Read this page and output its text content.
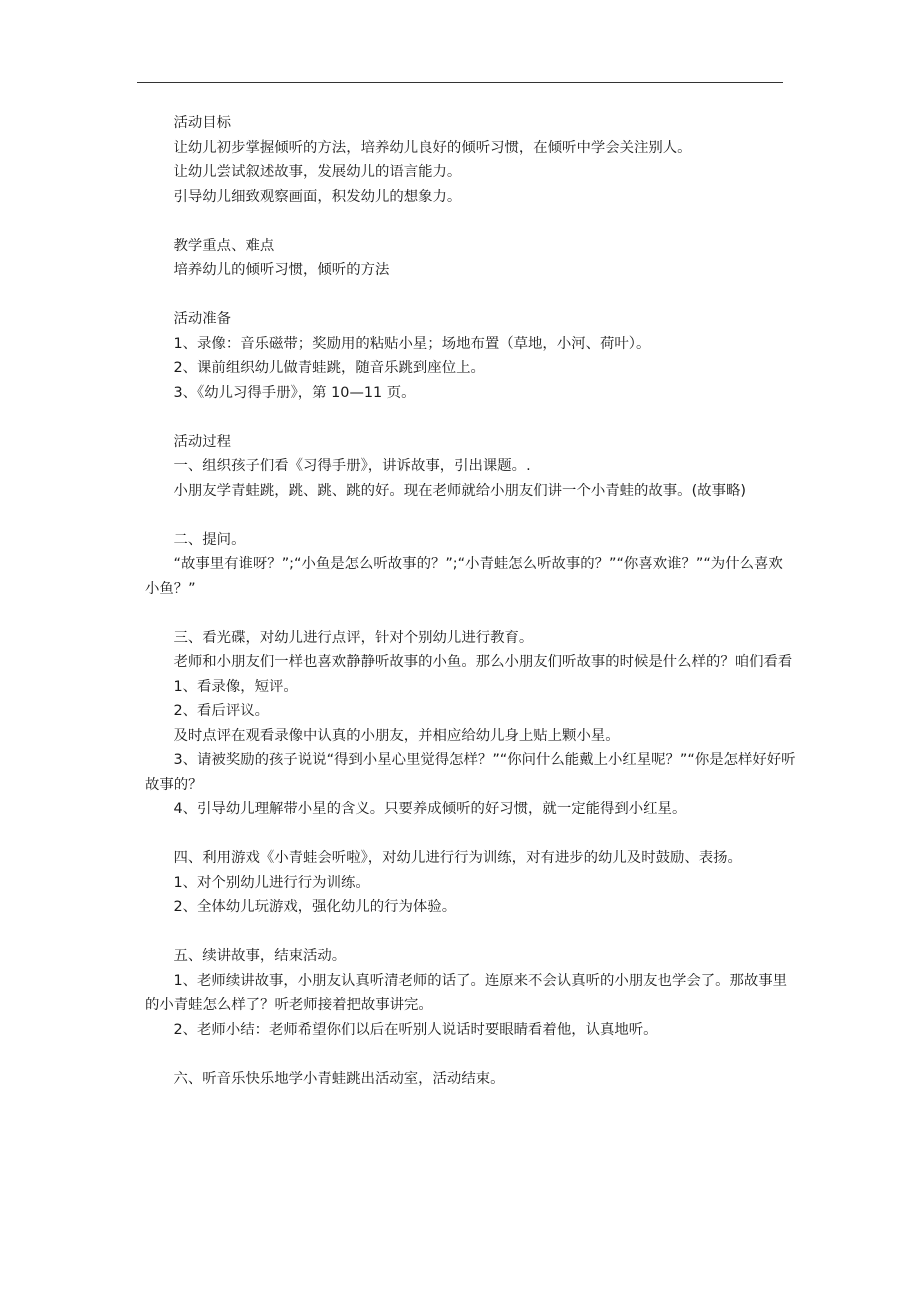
活动目标

让幼儿初步掌握倾听的方法，培养幼儿良好的倾听习惯，在倾听中学会关注别人。

让幼儿尝试叙述故事，发展幼儿的语言能力。

引导幼儿细致观察画面，积发幼儿的想象力。

教学重点、难点

培养幼儿的倾听习惯，倾听的方法

活动准备

1、录像：音乐磁带；奖励用的粘贴小星；场地布置（草地，小河、荷叶）。

2、课前组织幼儿做青蛙跳，随音乐跳到座位上。

3、《幼儿习得手册》，第 10—11 页。

活动过程

一、组织孩子们看《习得手册》，讲诉故事，引出课题。.

小朋友学青蛙跳，跳、跳、跳的好。现在老师就给小朋友们讲一个小青蛙的故事。(故事略)

二、提问。

“故事里有谁呀？”;“小鱼是怎么听故事的？”;“小青蛙怎么听故事的？”“你喜欢谁？”“为什么喜欢小鱼？”

三、看光碟，对幼儿进行点评，针对个别幼儿进行教育。

老师和小朋友们一样也喜欢静静听故事的小鱼。那么小朋友们听故事的时候是什么样的？咱们看看

1、看录像，短评。

2、看后评议。

及时点评在观看录像中认真的小朋友，并相应给幼儿身上贴上颗小星。

3、请被奖励的孩子说说“得到小星心里觉得怎样？”“你问什么能戴上小红星呢？”“你是怎样好好听故事的？

4、引导幼儿理解带小星的含义。只要养成倾听的好习惯，就一定能得到小红星。

四、利用游戏《小青蛙会听啦》，对幼儿进行行为训练，对有进步的幼儿及时鼓励、表扬。

1、对个别幼儿进行行为训练。

2、全体幼儿玩游戏，强化幼儿的行为体验。

五、续讲故事，结束活动。

1、老师续讲故事，小朋友认真听清老师的话了。连原来不会认真听的小朋友也学会了。那故事里的小青蛙怎么样了？听老师接着把故事讲完。

2、老师小结：老师希望你们以后在听别人说话时要眼睛看着他，认真地听。

六、听音乐快乐地学小青蛙跳出活动室，活动结束。
